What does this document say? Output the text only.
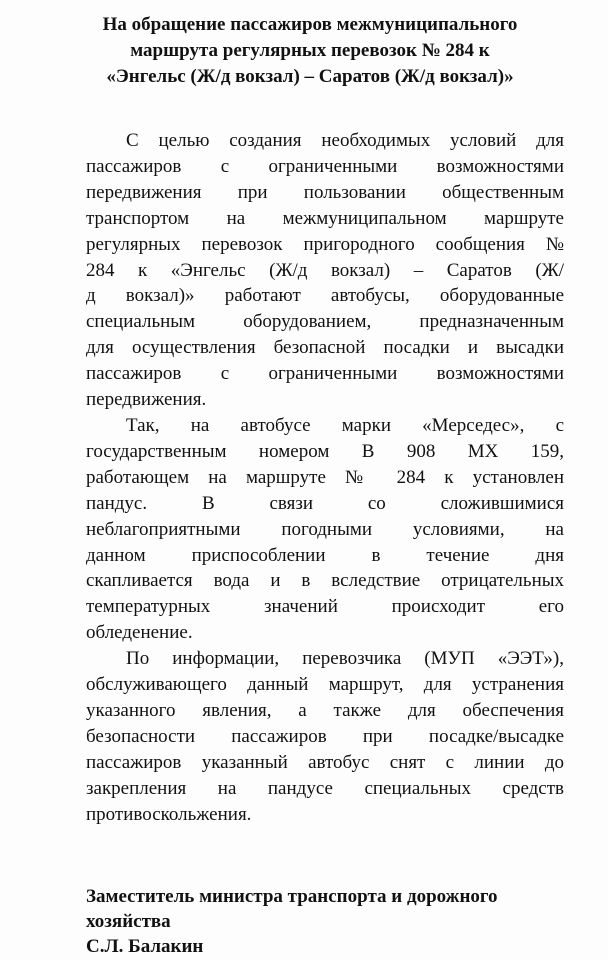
На обращение пассажиров межмуниципального
маршрута регулярных перевозок № 284 к
«Энгельс (Ж/д вокзал) – Саратов (Ж/д вокзал)»
С целью создания необходимых условий для
пассажиров с ограниченными возможностями
передвижения при пользовании общественным
транспортом на межмуниципальном маршруте
регулярных перевозок пригородного сообщения №
284 к «Энгельс (Ж/д вокзал) – Саратов (Ж/
д вокзал)» работают автобусы, оборудованные
специальным оборудованием, предназначенным
для осуществления безопасной посадки и высадки
пассажиров с ограниченными возможностями
передвижения.
Так, на автобусе марки «Мерседес», с
государственным номером В 908 МХ 159,
работающем на маршруте № 284 к установлен
пандус. В связи со сложившимися
неблагоприятными погодными условиями, на
данном приспособлении в течение дня
скапливается вода и в вследствие отрицательных
температурных значений происходит его
обледенение.
По информации, перевозчика (МУП «ЭЭТ»),
обслуживающего данный маршрут, для устранения
указанного явления, а также для обеспечения
безопасности пассажиров при посадке/высадке
пассажиров указанный автобус снят с линии до
закрепления на пандусе специальных средств
противоскольжения.
Заместитель министра транспорта и дорожного
хозяйства
С.Л. Балакин
